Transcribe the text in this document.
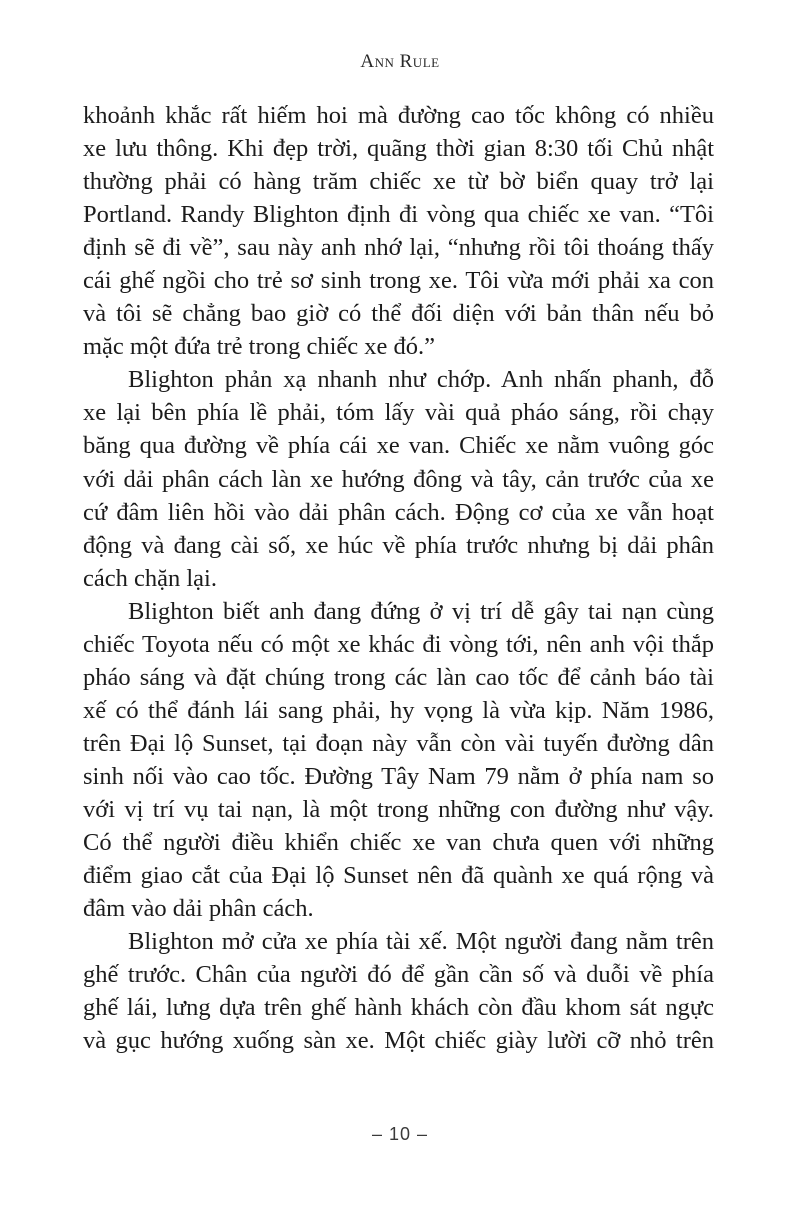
Ann Rule
khoảnh khắc rất hiếm hoi mà đường cao tốc không có nhiều
xe lưu thông. Khi đẹp trời, quãng thời gian 8:30 tối Chủ nhật
thường phải có hàng trăm chiếc xe từ bờ biển quay trở lại
Portland. Randy Blighton định đi vòng qua chiếc xe van. “Tôi
định sẽ đi về”, sau này anh nhớ lại, “nhưng rồi tôi thoáng thấy
cái ghế ngồi cho trẻ sơ sinh trong xe. Tôi vừa mới phải xa con
và tôi sẽ chẳng bao giờ có thể đối diện với bản thân nếu bỏ
mặc một đứa trẻ trong chiếc xe đó.”
Blighton phản xạ nhanh như chớp. Anh nhấn phanh, đỗ
xe lại bên phía lề phải, tóm lấy vài quả pháo sáng, rồi chạy
băng qua đường về phía cái xe van. Chiếc xe nằm vuông góc
với dải phân cách làn xe hướng đông và tây, cản trước của xe
cứ đâm liên hồi vào dải phân cách. Động cơ của xe vẫn hoạt
động và đang cài số, xe húc về phía trước nhưng bị dải phân
cách chặn lại.
Blighton biết anh đang đứng ở vị trí dễ gây tai nạn cùng
chiếc Toyota nếu có một xe khác đi vòng tới, nên anh vội thắp
pháo sáng và đặt chúng trong các làn cao tốc để cảnh báo tài
xế có thể đánh lái sang phải, hy vọng là vừa kịp. Năm 1986,
trên Đại lộ Sunset, tại đoạn này vẫn còn vài tuyến đường dân
sinh nối vào cao tốc. Đường Tây Nam 79 nằm ở phía nam so
với vị trí vụ tai nạn, là một trong những con đường như vậy.
Có thể người điều khiển chiếc xe van chưa quen với những
điểm giao cắt của Đại lộ Sunset nên đã quành xe quá rộng và
đâm vào dải phân cách.
Blighton mở cửa xe phía tài xế. Một người đang nằm trên
ghế trước. Chân của người đó để gần cần số và duỗi về phía
ghế lái, lưng dựa trên ghế hành khách còn đầu khom sát ngực
và gục hướng xuống sàn xe. Một chiếc giày lười cỡ nhỏ trên
– 10 –
